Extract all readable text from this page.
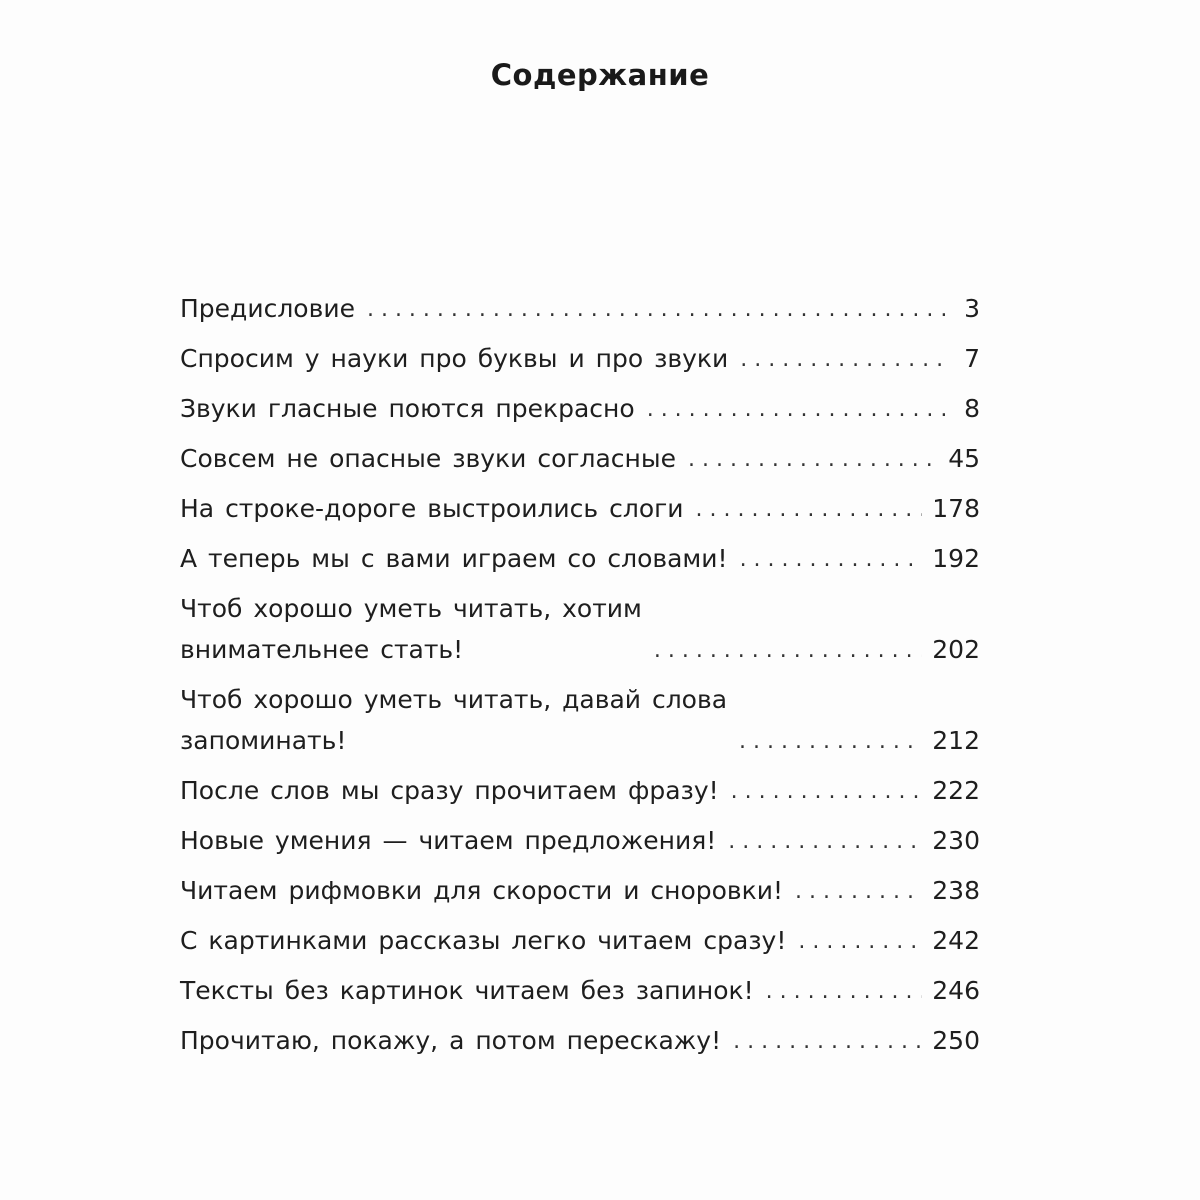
Содержание
Предисловие . . .	3
Спросим у науки про буквы и про звуки . . .	7
Звуки гласные поются прекрасно . . .	8
Совсем не опасные звуки согласные . . .	45
На строке-дороге выстроились слоги . . .	178
А теперь мы с вами играем со словами! . . .	192
Чтоб хорошо уметь читать, хотим
внимательнее стать! . . .	202
Чтоб хорошо уметь читать, давай слова
запоминать! . . .	212
После слов мы сразу прочитаем фразу! . . .	222
Новые умения — читаем предложения! . . .	230
Читаем рифмовки для скорости и сноровки! . . .	238
С картинками рассказы легко читаем сразу! . . .	242
Тексты без картинок читаем без запинок! . . .	246
Прочитаю, покажу, а потом перескажу! . . .	250
